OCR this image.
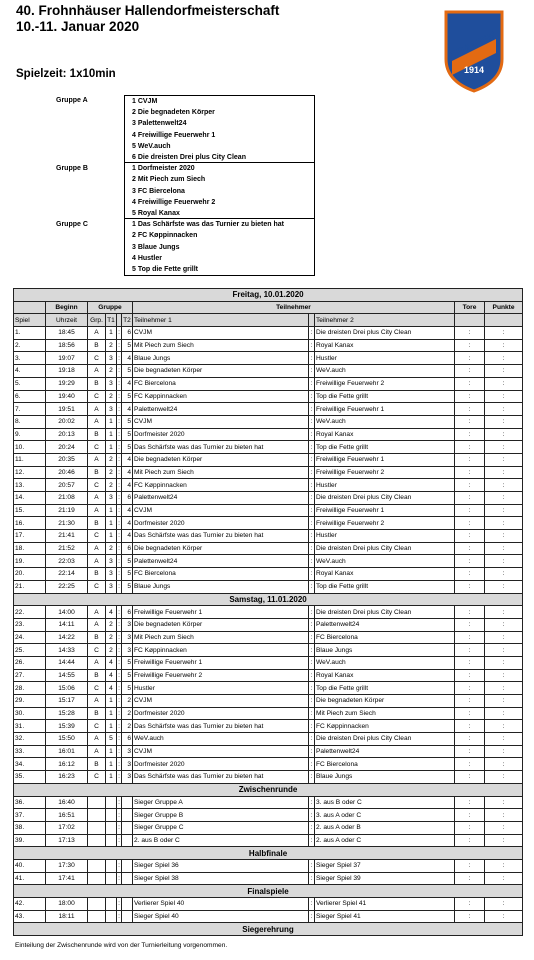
40. Frohnhäuser Hallendorfmeisterschaft
10.-11. Januar 2020
Spielzeit: 1x10min
ORANIEN
1914
Gruppe A	1 CVJM
2 Die begnadeten Körper
3 Palettenwelt24
4 Freiwillige Feuerwehr 1
5 WeV.auch
6 Die dreisten Drei plus City Clean
Gruppe B	1 Dorfmeister 2020
2 Mit Piech zum Siech
3 FC Biercelona
4 Freiwillige Feuerwehr 2
5 Royal Kanax
Gruppe C	1 Das Schärfste was das Turnier zu bieten hat
2 FC Køppinnacken
3 Blaue Jungs
4 Hustler
5 Top die Fette grillt
Freitag, 10.01.2020										
	Beginn	Gruppe				Teilnehmer			Tore	Punkte
Spiel	Uhrzeit	Grp.	T1		T2	Teilnehmer 1		Teilnehmer 2		
1.	18:45	A	1	:	6	CVJM	:	Die dreisten Drei plus City Clean	:	:
2.	18:56	B	2	:	5	Mit Piech zum Siech	:	Royal Kanax	:	:
3.	19:07	C	3	:	4	Blaue Jungs	:	Hustler	:	:
4.	19:18	A	2	:	5	Die begnadeten Körper	:	WeV.auch	:	:
5.	19:29	B	3	:	4	FC Biercelona	:	Freiwillige Feuerwehr 2	:	:
6.	19:40	C	2	:	5	FC Køppinnacken	:	Top die Fette grillt	:	:
7.	19:51	A	3	:	4	Palettenwelt24	:	Freiwillige Feuerwehr 1	:	:
8.	20:02	A	1	:	5	CVJM	:	WeV.auch	:	:
9.	20:13	B	1	:	5	Dorfmeister 2020	:	Royal Kanax	:	:
10.	20:24	C	1	:	5	Das Schärfste was das Turnier zu bieten hat	:	Top die Fette grillt	:	:
11.	20:35	A	2	:	4	Die begnadeten Körper	:	Freiwillige Feuerwehr 1	:	:
12.	20:46	B	2	:	4	Mit Piech zum Siech	:	Freiwillige Feuerwehr 2	:	:
13.	20:57	C	2	:	4	FC Køppinnacken	:	Hustler	:	:
14.	21:08	A	3	:	6	Palettenwelt24	:	Die dreisten Drei plus City Clean	:	:
15.	21:19	A	1	:	4	CVJM	:	Freiwillige Feuerwehr 1	:	:
16.	21:30	B	1	:	4	Dorfmeister 2020	:	Freiwillige Feuerwehr 2	:	:
17.	21:41	C	1	:	4	Das Schärfste was das Turnier zu bieten hat	:	Hustler	:	:
18.	21:52	A	2	:	6	Die begnadeten Körper	:	Die dreisten Drei plus City Clean	:	:
19.	22:03	A	3	:	5	Palettenwelt24	:	WeV.auch	:	:
20.	22:14	B	3	:	5	FC Biercelona	:	Royal Kanax	:	:
21.	22:25	C	3	:	5	Blaue Jungs	:	Top die Fette grillt	:	:
Samstag, 11.01.2020										
22.	14:00	A	4	:	6	Freiwillige Feuerwehr 1	:	Die dreisten Drei plus City Clean	:	:
23.	14:11	A	2	:	3	Die begnadeten Körper	:	Palettenwelt24	:	:
24.	14:22	B	2	:	3	Mit Piech zum Siech	:	FC Biercelona	:	:
25.	14:33	C	2	:	3	FC Køppinnacken	:	Blaue Jungs	:	:
26.	14:44	A	4	:	5	Freiwillige Feuerwehr 1	:	WeV.auch	:	:
27.	14:55	B	4	:	5	Freiwillige Feuerwehr 2	:	Royal Kanax	:	:
28.	15:06	C	4	:	5	Hustler	:	Top die Fette grillt	:	:
29.	15:17	A	1	:	2	CVJM	:	Die begnadeten Körper	:	:
30.	15:28	B	1	:	2	Dorfmeister 2020	:	Mit Piech zum Siech	:	:
31.	15:39	C	1	:	2	Das Schärfste was das Turnier zu bieten hat	:	FC Køppinnacken	:	:
32.	15:50	A	5	:	6	WeV.auch	:	Die dreisten Drei plus City Clean	:	:
33.	16:01	A	1	:	3	CVJM	:	Palettenwelt24	:	:
34.	16:12	B	1	:	3	Dorfmeister 2020	:	FC Biercelona	:	:
35.	16:23	C	1	:	3	Das Schärfste was das Turnier zu bieten hat	:	Blaue Jungs	:	:
Zwischenrunde										
36.	16:40			:		Sieger Gruppe A	:	3. aus B oder C	:	:
37.	16:51			:		Sieger Gruppe B	:	3. aus A oder C	:	:
38.	17:02			:		Sieger Gruppe C	:	2. aus A oder B	:	:
39.	17:13			:		2. aus B oder C	:	2. aus A oder C	:	:
Halbfinale										
40.	17:30			:		Sieger Spiel 36	:	Sieger Spiel 37	:	:
41.	17:41			:		Sieger Spiel 38	:	Sieger Spiel 39	:	:
Finalspiele										
42.	18:00			:		Verlierer Spiel 40	:	Verlierer Spiel 41	:	:
43.	18:11			:		Sieger Spiel 40	:	Sieger Spiel 41	:	:
Siegerehrung										
Einteilung der Zwischenrunde wird von der Turnierleitung vorgenommen.
